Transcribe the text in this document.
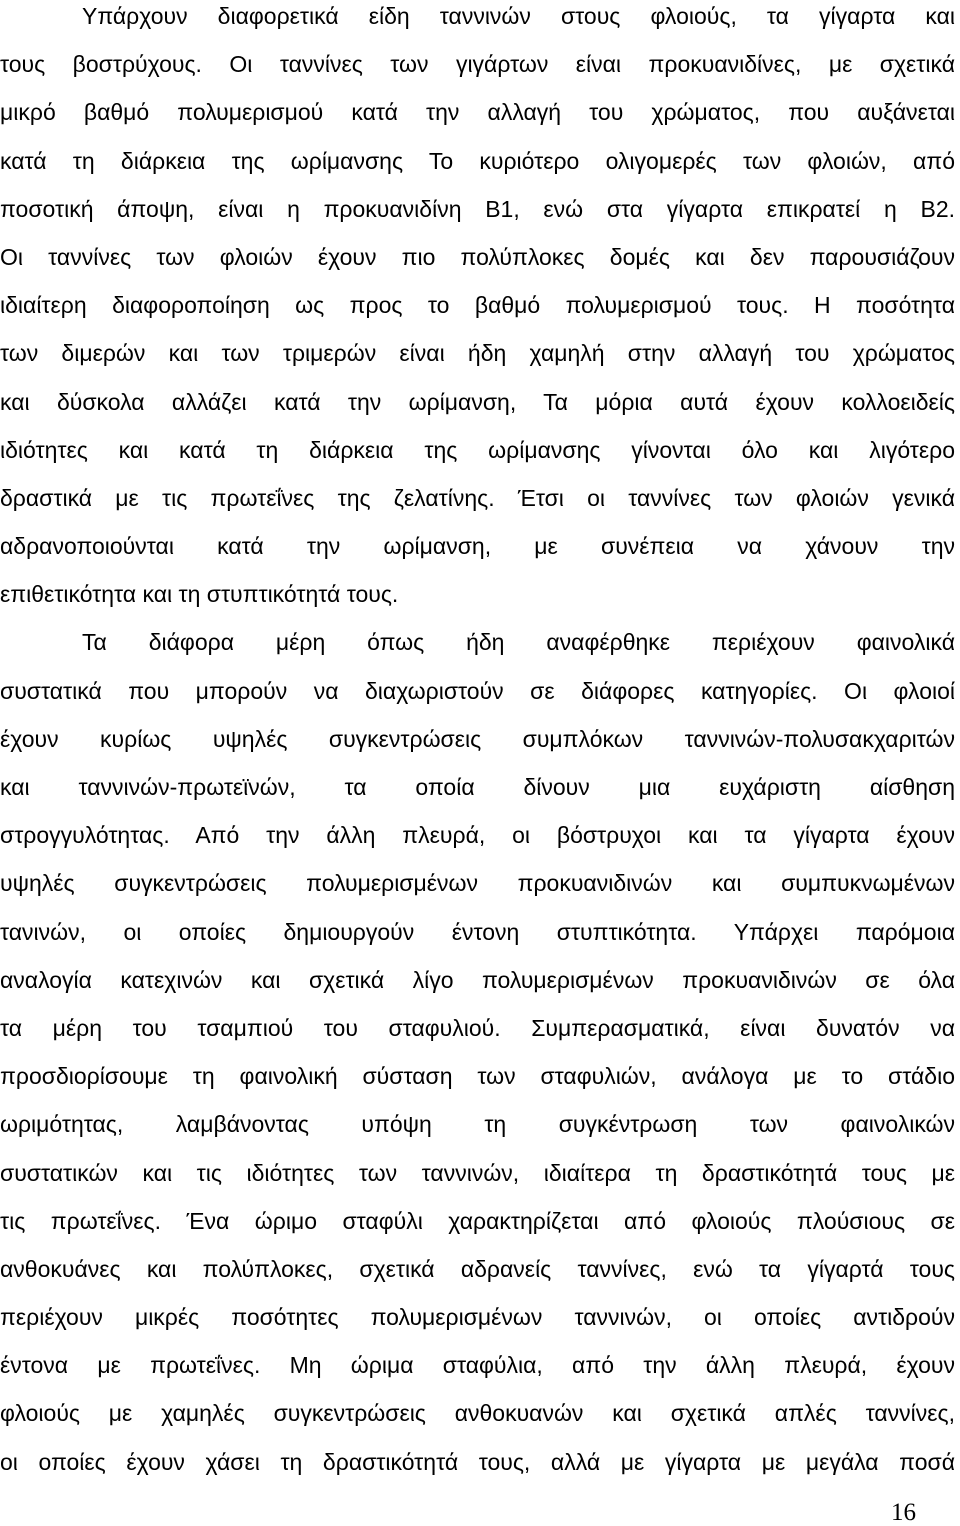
Υπάρχουν διαφορετικά είδη ταννινών στους φλοιούς, τα γίγαρτα και
τους βοστρύχους. Οι ταννίνες των γιγάρτων είναι προκυανιδίνες, με σχετικά
μικρό βαθμό πολυμερισμού κατά την αλλαγή του χρώματος, που αυξάνεται
κατά τη διάρκεια της ωρίμανσης Το κυριότερο ολιγομερές των φλοιών, από
ποσοτική άποψη, είναι η προκυανιδίνη Β1, ενώ στα γίγαρτα επικρατεί η Β2.
Οι ταννίνες των φλοιών έχουν πιο πολύπλοκες δομές και δεν παρουσιάζουν
ιδιαίτερη διαφοροποίηση ως προς το βαθμό πολυμερισμού τους. Η ποσότητα
των διμερών και των τριμερών είναι ήδη χαμηλή στην αλλαγή του χρώματος
και δύσκολα αλλάζει κατά την ωρίμανση, Τα μόρια αυτά έχουν κολλοειδείς
ιδιότητες και κατά τη διάρκεια της ωρίμανσης γίνονται όλο και λιγότερο
δραστικά με τις πρωτεΐνες της ζελατίνης. Έτσι οι ταννίνες των φλοιών γενικά
αδρανοποιούνται κατά την ωρίμανση, με συνέπεια να χάνουν την
επιθετικότητα και τη στυπτικότητά τους.
Τα διάφορα μέρη όπως ήδη αναφέρθηκε περιέχουν φαινολικά
συστατικά που μπορούν να διαχωριστούν σε διάφορες κατηγορίες. Οι φλοιοί
έχουν κυρίως υψηλές συγκεντρώσεις συμπλόκων ταννινών-πολυσακχαριτών
και ταννινών-πρωτεϊνών, τα οποία δίνουν μια ευχάριστη αίσθηση
στρογγυλότητας. Από την άλλη πλευρά, οι βόστρυχοι και τα γίγαρτα έχουν
υψηλές συγκεντρώσεις πολυμερισμένων προκυανιδινών και συμπυκνωμένων
τανινών, οι οποίες δημιουργούν έντονη στυπτικότητα. Υπάρχει παρόμοια
αναλογία κατεχινών και σχετικά λίγο πολυμερισμένων προκυανιδινών σε όλα
τα μέρη του τσαμπιού του σταφυλιού. Συμπερασματικά, είναι δυνατόν να
προσδιορίσουμε τη φαινολική σύσταση των σταφυλιών, ανάλογα με το στάδιο
ωριμότητας, λαμβάνοντας υπόψη τη συγκέντρωση των φαινολικών
συστατικών και τις ιδιότητες των ταννινών, ιδιαίτερα τη δραστικότητά τους με
τις πρωτεΐνες. Ένα ώριμο σταφύλι χαρακτηρίζεται από φλοιούς πλούσιους σε
ανθοκυάνες και πολύπλοκες, σχετικά αδρανείς ταννίνες, ενώ τα γίγαρτά τους
περιέχουν μικρές ποσότητες πολυμερισμένων ταννινών, οι οποίες αντιδρούν
έντονα με πρωτεΐνες. Μη ώριμα σταφύλια, από την άλλη πλευρά, έχουν
φλοιούς με χαμηλές συγκεντρώσεις ανθοκυανών και σχετικά απλές ταννίνες,
οι οποίες έχουν χάσει τη δραστικότητά τους, αλλά με γίγαρτα με μεγάλα ποσά
16
